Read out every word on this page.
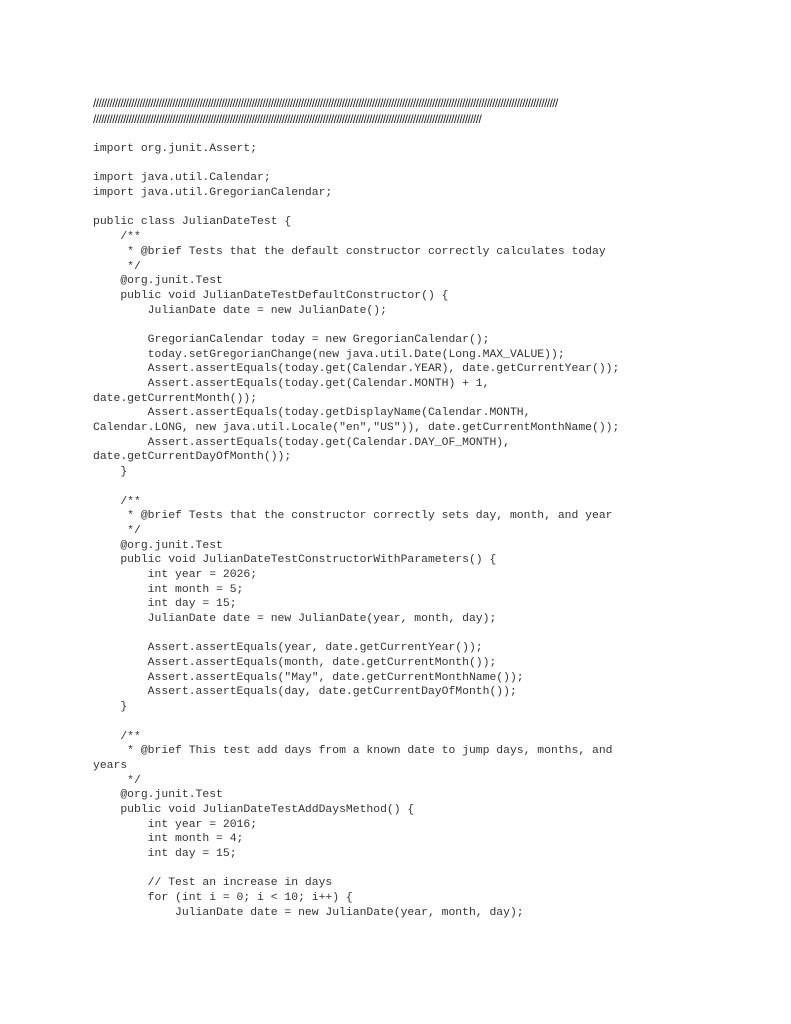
//////////////////////////////////////////////////////////////////////////////////////////////////////////////////////////////////////////////////////////////////////////
//////////////////////////////////////////////////////////////////////////////////////////////////////////////////////////////////////////////
import org.junit.Assert;
import java.util.Calendar;
import java.util.GregorianCalendar;
public class JulianDateTest {
/**
* @brief Tests that the default constructor correctly calculates today
*/
@org.junit.Test
public void JulianDateTestDefaultConstructor() {
JulianDate date = new JulianDate();
GregorianCalendar today = new GregorianCalendar();
today.setGregorianChange(new java.util.Date(Long.MAX_VALUE));
Assert.assertEquals(today.get(Calendar.YEAR), date.getCurrentYear());
Assert.assertEquals(today.get(Calendar.MONTH) + 1,
date.getCurrentMonth());
Assert.assertEquals(today.getDisplayName(Calendar.MONTH,
Calendar.LONG, new java.util.Locale("en","US")), date.getCurrentMonthName());
Assert.assertEquals(today.get(Calendar.DAY_OF_MONTH),
date.getCurrentDayOfMonth());
}
/**
* @brief Tests that the constructor correctly sets day, month, and year
*/
@org.junit.Test
public void JulianDateTestConstructorWithParameters() {
int year = 2026;
int month = 5;
int day = 15;
JulianDate date = new JulianDate(year, month, day);
Assert.assertEquals(year, date.getCurrentYear());
Assert.assertEquals(month, date.getCurrentMonth());
Assert.assertEquals("May", date.getCurrentMonthName());
Assert.assertEquals(day, date.getCurrentDayOfMonth());
}
/**
* @brief This test add days from a known date to jump days, months, and
years
*/
@org.junit.Test
public void JulianDateTestAddDaysMethod() {
int year = 2016;
int month = 4;
int day = 15;
// Test an increase in days
for (int i = 0; i < 10; i++) {
JulianDate date = new JulianDate(year, month, day);
